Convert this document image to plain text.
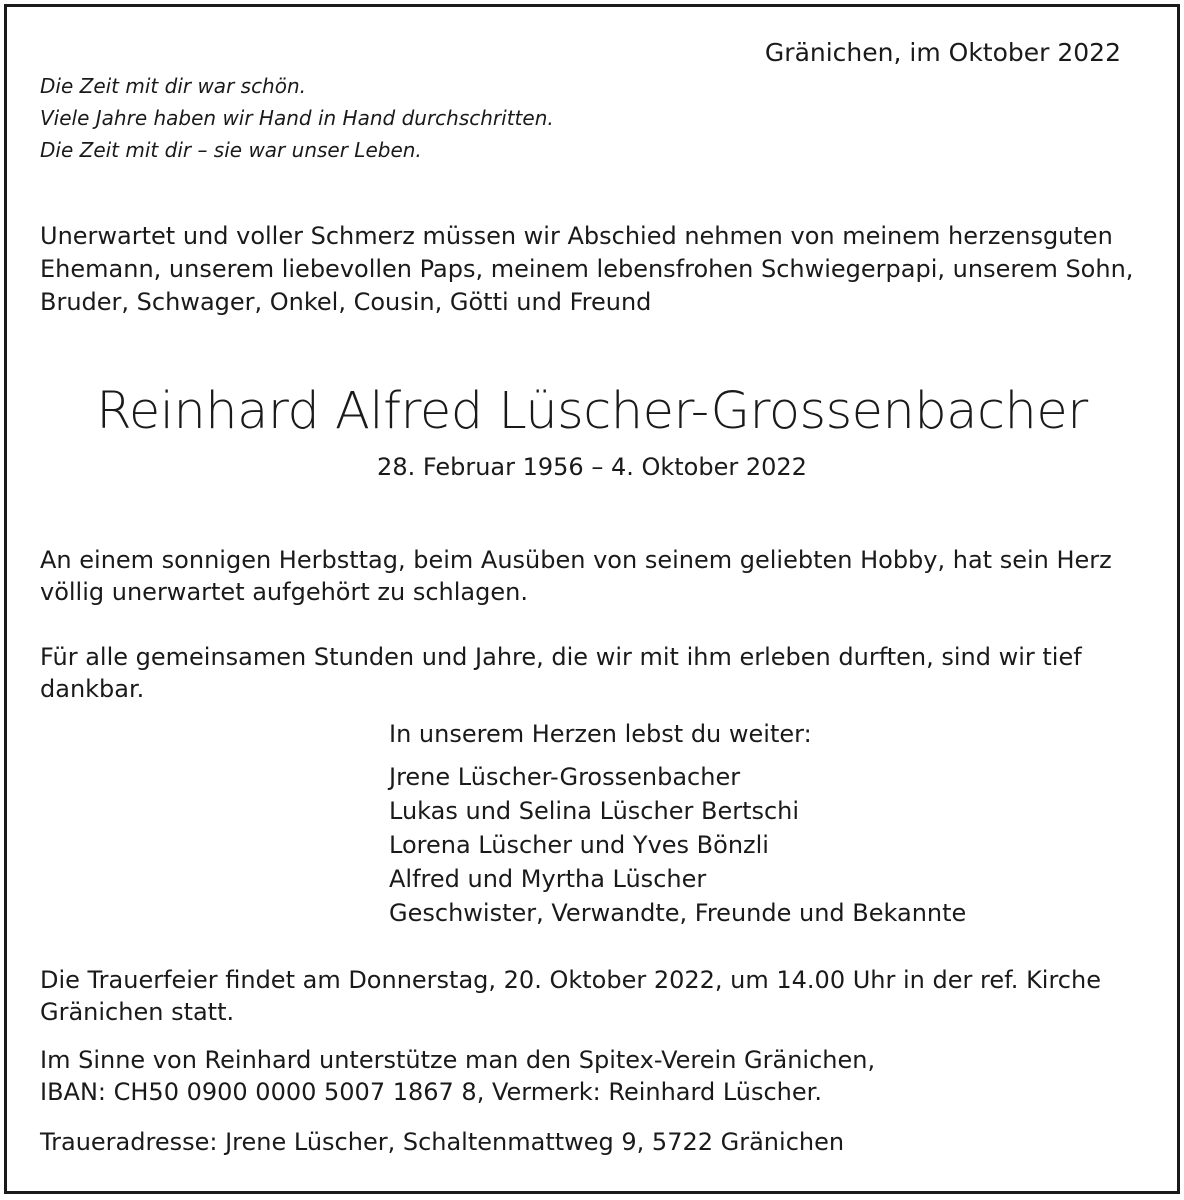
Gränichen, im Oktober 2022
Die Zeit mit dir war schön.
Viele Jahre haben wir Hand in Hand durchschritten.
Die Zeit mit dir – sie war unser Leben.
Unerwartet und voller Schmerz müssen wir Abschied nehmen von meinem herzensguten
Ehemann, unserem liebevollen Paps, meinem lebensfrohen Schwiegerpapi, unserem Sohn,
Bruder, Schwager, Onkel, Cousin, Götti und Freund
Reinhard Alfred Lüscher-Grossenbacher
28. Februar 1956 – 4. Oktober 2022
An einem sonnigen Herbsttag, beim Ausüben von seinem geliebten Hobby, hat sein Herz
völlig unerwartet aufgehört zu schlagen.
Für alle gemeinsamen Stunden und Jahre, die wir mit ihm erleben durften, sind wir tief
dankbar.
In unserem Herzen lebst du weiter:
Jrene Lüscher-Grossenbacher
Lukas und Selina Lüscher Bertschi
Lorena Lüscher und Yves Bönzli
Alfred und Myrtha Lüscher
Geschwister, Verwandte, Freunde und Bekannte
Die Trauerfeier findet am Donnerstag, 20. Oktober 2022, um 14.00 Uhr in der ref. Kirche
Gränichen statt.
Im Sinne von Reinhard unterstütze man den Spitex-Verein Gränichen,
IBAN: CH50 0900 0000 5007 1867 8, Vermerk: Reinhard Lüscher.
Traueradresse: Jrene Lüscher, Schaltenmattweg 9, 5722 Gränichen
